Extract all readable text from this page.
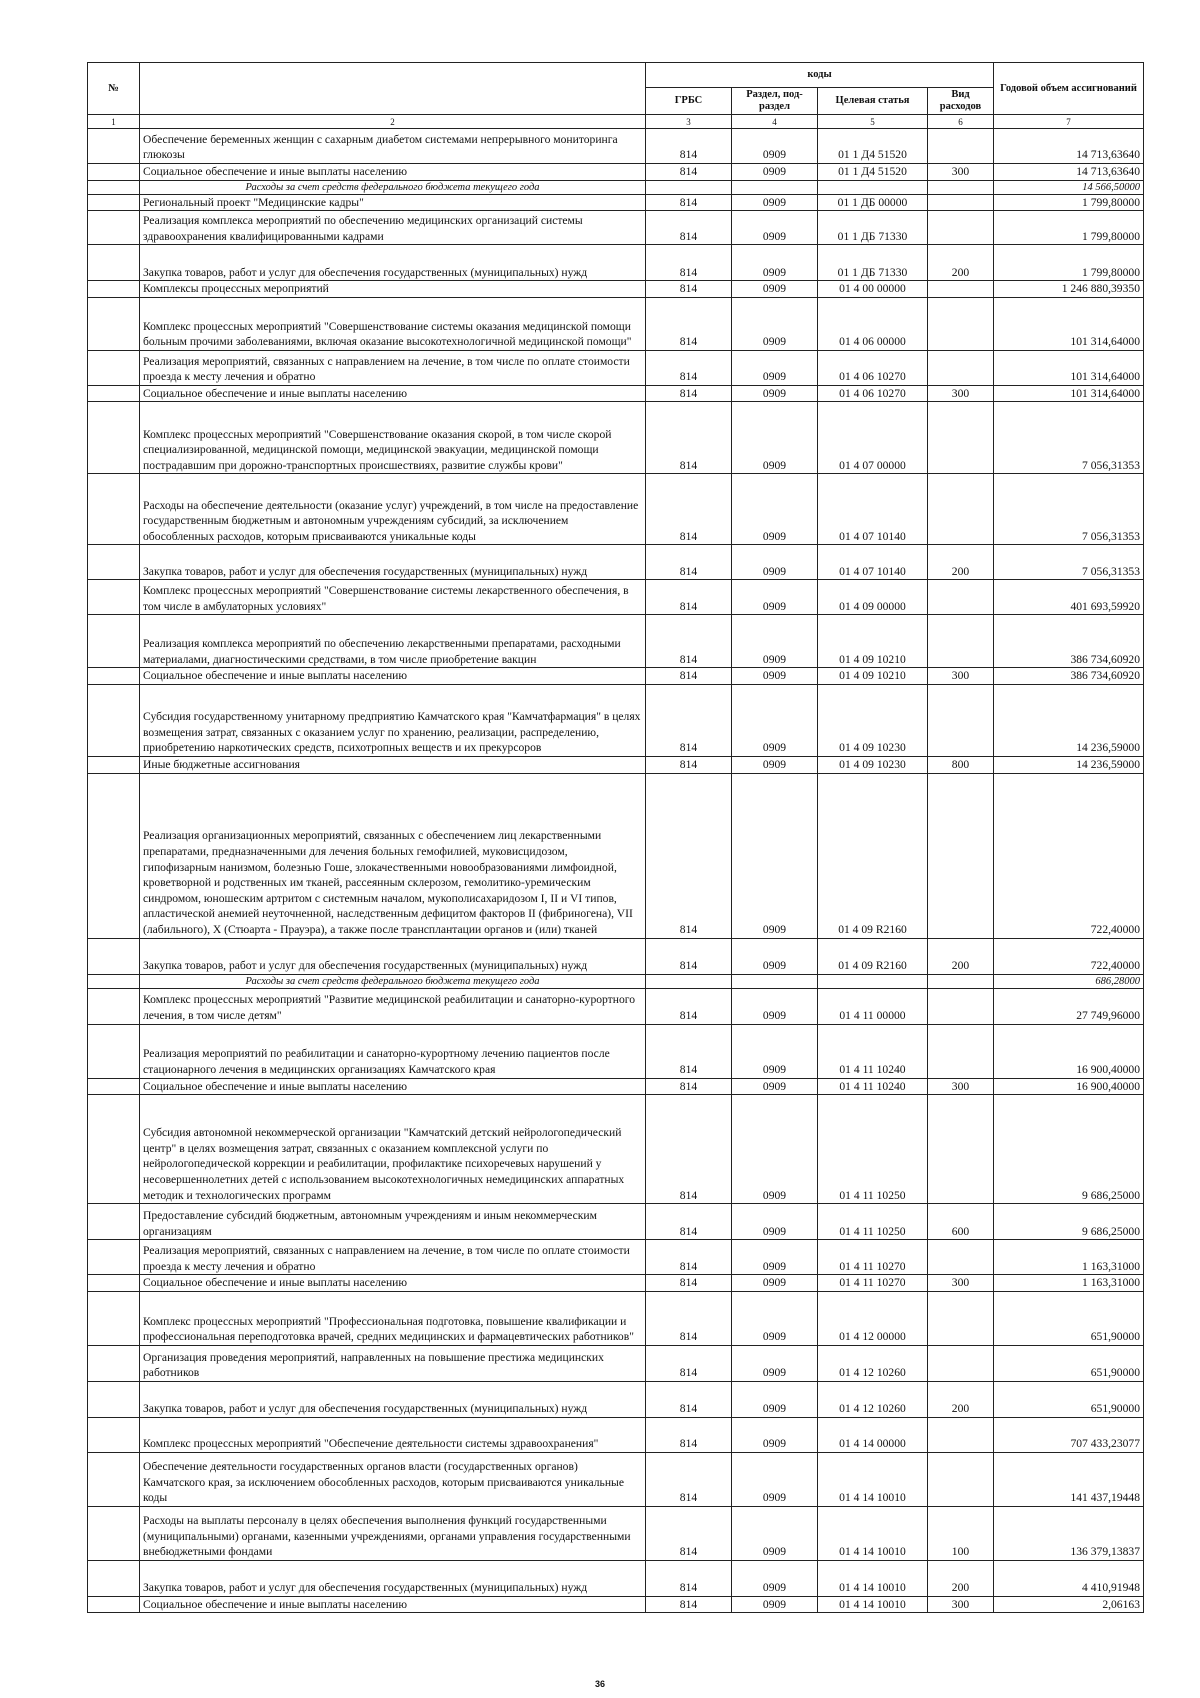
№		коды				Годовой объем ассигнований
		ГРБС	Раздел, под-раздел	Целевая статья	Вид расходов	
1	2	3	4	5	6	7
	Обеспечение беременных женщин с сахарным диабетом системами непрерывного мониторинга глюкозы	814	0909	01 1 Д4 51520		14 713,63640
	Социальное обеспечение и иные выплаты населению	814	0909	01 1 Д4 51520	300	14 713,63640
	Расходы за счет средств федерального бюджета текущего года					14 566,50000
	Региональный проект "Медицинские кадры"	814	0909	01 1 ДБ 00000		1 799,80000
	Реализация комплекса мероприятий по обеспечению медицинских организаций системы здравоохранения квалифицированными кадрами	814	0909	01 1 ДБ 71330		1 799,80000
	Закупка товаров, работ и услуг для обеспечения государственных (муниципальных) нужд	814	0909	01 1 ДБ 71330	200	1 799,80000
	Комплексы процессных мероприятий	814	0909	01 4 00 00000		1 246 880,39350
	Комплекс процессных мероприятий "Совершенствование системы оказания медицинской помощи больным прочими заболеваниями, включая оказание высокотехнологичной медицинской помощи"	814	0909	01 4 06 00000		101 314,64000
	Реализация мероприятий, связанных с направлением на лечение, в том числе по оплате стоимости проезда к месту лечения и обратно	814	0909	01 4 06 10270		101 314,64000
	Социальное обеспечение и иные выплаты населению	814	0909	01 4 06 10270	300	101 314,64000
	Комплекс процессных мероприятий "Совершенствование оказания скорой, в том числе скорой специализированной, медицинской помощи, медицинской эвакуации, медицинской помощи пострадавшим при дорожно-транспортных происшествиях, развитие службы крови"	814	0909	01 4 07 00000		7 056,31353
	Расходы на обеспечение деятельности (оказание услуг) учреждений, в том числе на предоставление государственным бюджетным и автономным учреждениям субсидий, за исключением обособленных расходов, которым присваиваются уникальные коды	814	0909	01 4 07 10140		7 056,31353
	Закупка товаров, работ и услуг для обеспечения государственных (муниципальных) нужд	814	0909	01 4 07 10140	200	7 056,31353
	Комплекс процессных мероприятий "Совершенствование системы лекарственного обеспечения, в том числе в амбулаторных условиях"	814	0909	01 4 09 00000		401 693,59920
	Реализация комплекса мероприятий по обеспечению лекарственными препаратами, расходными материалами, диагностическими средствами, в том числе приобретение вакцин	814	0909	01 4 09 10210		386 734,60920
	Социальное обеспечение и иные выплаты населению	814	0909	01 4 09 10210	300	386 734,60920
	Субсидия государственному унитарному предприятию Камчатского края "Камчатфармация" в целях возмещения затрат, связанных с оказанием услуг по хранению, реализации, распределению, приобретению наркотических средств, психотропных веществ и их прекурсоров	814	0909	01 4 09 10230		14 236,59000
	Иные бюджетные ассигнования	814	0909	01 4 09 10230	800	14 236,59000
	Реализация организационных мероприятий, связанных с обеспечением лиц лекарственными препаратами, предназначенными для лечения больных гемофилией, муковисцидозом, гипофизарным нанизмом, болезнью Гоше, злокачественными новообразованиями лимфоидной, кроветворной и родственных им тканей, рассеянным склерозом, гемолитико-уремическим синдромом, юношеским артритом с системным началом, мукополисахаридозом I, II и VI типов, апластической анемией неуточненной, наследственным дефицитом факторов II (фибриногена), VII (лабильного), X (Стюарта - Прауэра), а также после трансплантации органов и (или) тканей	814	0909	01 4 09 R2160		722,40000
	Закупка товаров, работ и услуг для обеспечения государственных (муниципальных) нужд	814	0909	01 4 09 R2160	200	722,40000
	Расходы за счет средств федерального бюджета текущего года					686,28000
	Комплекс процессных мероприятий "Развитие медицинской реабилитации и санаторно-курортного лечения, в том числе детям"	814	0909	01 4 11 00000		27 749,96000
	Реализация мероприятий по реабилитации и санаторно-курортному лечению пациентов после стационарного лечения в медицинских организациях Камчатского края	814	0909	01 4 11 10240		16 900,40000
	Социальное обеспечение и иные выплаты населению	814	0909	01 4 11 10240	300	16 900,40000
	Субсидия автономной некоммерческой организации "Камчатский детский нейрологопедический центр" в целях возмещения затрат, связанных с оказанием комплексной услуги по нейрологопедической коррекции и реабилитации, профилактике психоречевых нарушений у несовершеннолетних детей с использованием высокотехнологичных немедицинских аппаратных методик и технологических программ	814	0909	01 4 11 10250		9 686,25000
	Предоставление субсидий бюджетным, автономным учреждениям и иным некоммерческим организациям	814	0909	01 4 11 10250	600	9 686,25000
	Реализация мероприятий, связанных с направлением на лечение, в том числе по оплате стоимости проезда к месту лечения и обратно	814	0909	01 4 11 10270		1 163,31000
	Социальное обеспечение и иные выплаты населению	814	0909	01 4 11 10270	300	1 163,31000
	Комплекс процессных мероприятий "Профессиональная подготовка, повышение квалификации и профессиональная переподготовка врачей, средних медицинских и фармацевтических работников"	814	0909	01 4 12 00000		651,90000
	Организация проведения мероприятий, направленных на повышение престижа медицинских работников	814	0909	01 4 12 10260		651,90000
	Закупка товаров, работ и услуг для обеспечения государственных (муниципальных) нужд	814	0909	01 4 12 10260	200	651,90000
	Комплекс процессных мероприятий "Обеспечение деятельности системы здравоохранения"	814	0909	01 4 14 00000		707 433,23077
	Обеспечение деятельности государственных органов власти (государственных органов) Камчатского края, за исключением обособленных расходов, которым присваиваются уникальные коды	814	0909	01 4 14 10010		141 437,19448
	Расходы на выплаты персоналу в целях обеспечения выполнения функций государственными (муниципальными) органами, казенными учреждениями, органами управления государственными внебюджетными фондами	814	0909	01 4 14 10010	100	136 379,13837
	Закупка товаров, работ и услуг для обеспечения государственных (муниципальных) нужд	814	0909	01 4 14 10010	200	4 410,91948
	Социальное обеспечение и иные выплаты населению	814	0909	01 4 14 10010	300	2,06163
36
